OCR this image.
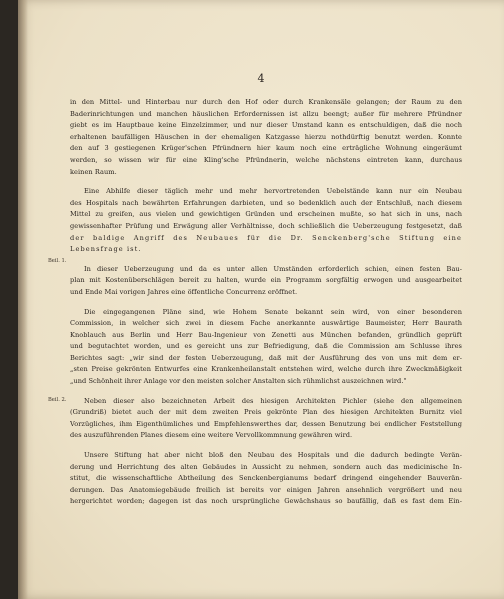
4
Beil. 1.
Beil. 2.
in den Mittel- und Hinterbau nur durch den Hof oder durch Krankensäle gelangen; der Raum zu den
Baderinrichtungen und manchen häuslichen Erfordernissen ist allzu beengt; außer für mehrere Pfründner
giebt es im Hauptbaue keine Einzelzimmer, und nur dieser Umstand kann es entschuldigen, daß die noch
erhaltenen baufälligen Häuschen in der ehemaligen Katzgasse hierzu nothdürftig benutzt werden. Konnte
den auf 3 gestiegenen Krüger'schen Pfründnern hier kaum noch eine erträgliche Wohnung eingeräumt
werden, so wissen wir für eine Kling'sche Pfründnerin, welche nächstens eintreten kann, durchaus
keinen Raum.
Eine Abhilfe dieser täglich mehr und mehr hervortretenden Uebelstände kann nur ein Neubau
des Hospitals nach bewährten Erfahrungen darbieten, und so bedenklich auch der Entschluß, nach diesem
Mittel zu greifen, aus vielen und gewichtigen Gründen und erscheinen mußte, so hat sich in uns, nach
gewissenhafter Prüfung und Erwägung aller Verhältnisse, doch schließlich die Ueberzeugung festgesetzt, daß
der baldige Angriff des Neubaues für die Dr. Senckenberg'sche Stiftung eine
Lebensfrage ist.
In dieser Ueberzeugung und da es unter allen Umständen erforderlich schien, einen festen Bau-
plan mit Kostenüberschlägen bereit zu halten, wurde ein Programm sorgfältig erwogen und ausgearbeitet
und Ende Mai vorigen Jahres eine öffentliche Concurrenz eröffnet.
Die eingegangenen Pläne sind, wie Hohem Senate bekannt sein wird, von einer besonderen
Commission, in welcher sich zwei in diesem Fache anerkannte auswärtige Baumeister, Herr Baurath
Knoblauch aus Berlin und Herr Bau-Ingenieur von Zenetti aus München befanden, gründlich geprüft
und begutachtet worden, und es gereicht uns zur Befriedigung, daß die Commission am Schlusse ihres
Berichtes sagt: „wir sind der festen Ueberzeugung, daß mit der Ausführung des von uns mit dem er-
„sten Preise gekrönten Entwurfes eine Krankenheilanstalt entstehen wird, welche durch ihre Zweckmäßigkeit
„und Schönheit ihrer Anlage vor den meisten solcher Anstalten sich rühmlichst auszeichnen wird."
Neben dieser also bezeichneten Arbeit des hiesigen Architekten Pichler (siehe den allgemeinen
(Grundriß) bietet auch der mit dem zweiten Preis gekrönte Plan des hiesigen Architekten Burnitz viel
Vorzügliches, ihm Eigenthümliches und Empfehlenswerthes dar, dessen Benutzung bei endlicher Feststellung
des auszuführenden Planes diesem eine weitere Vervollkommnung gewähren wird.
Unsere Stiftung hat aber nicht bloß den Neubau des Hospitals und die dadurch bedingte Verän-
derung und Herrichtung des alten Gebäudes in Aussicht zu nehmen, sondern auch das medicinische In-
stitut, die wissenschaftliche Abtheilung des Senckenbergianums bedarf dringend eingehender Bauverän-
derungen. Das Anatomiegebäude freilich ist bereits vor einigen Jahren ansehnlich vergrößert und neu
hergerichtet worden; dagegen ist das noch ursprüngliche Gewächshaus so baufällig, daß es fast dem Ein-
